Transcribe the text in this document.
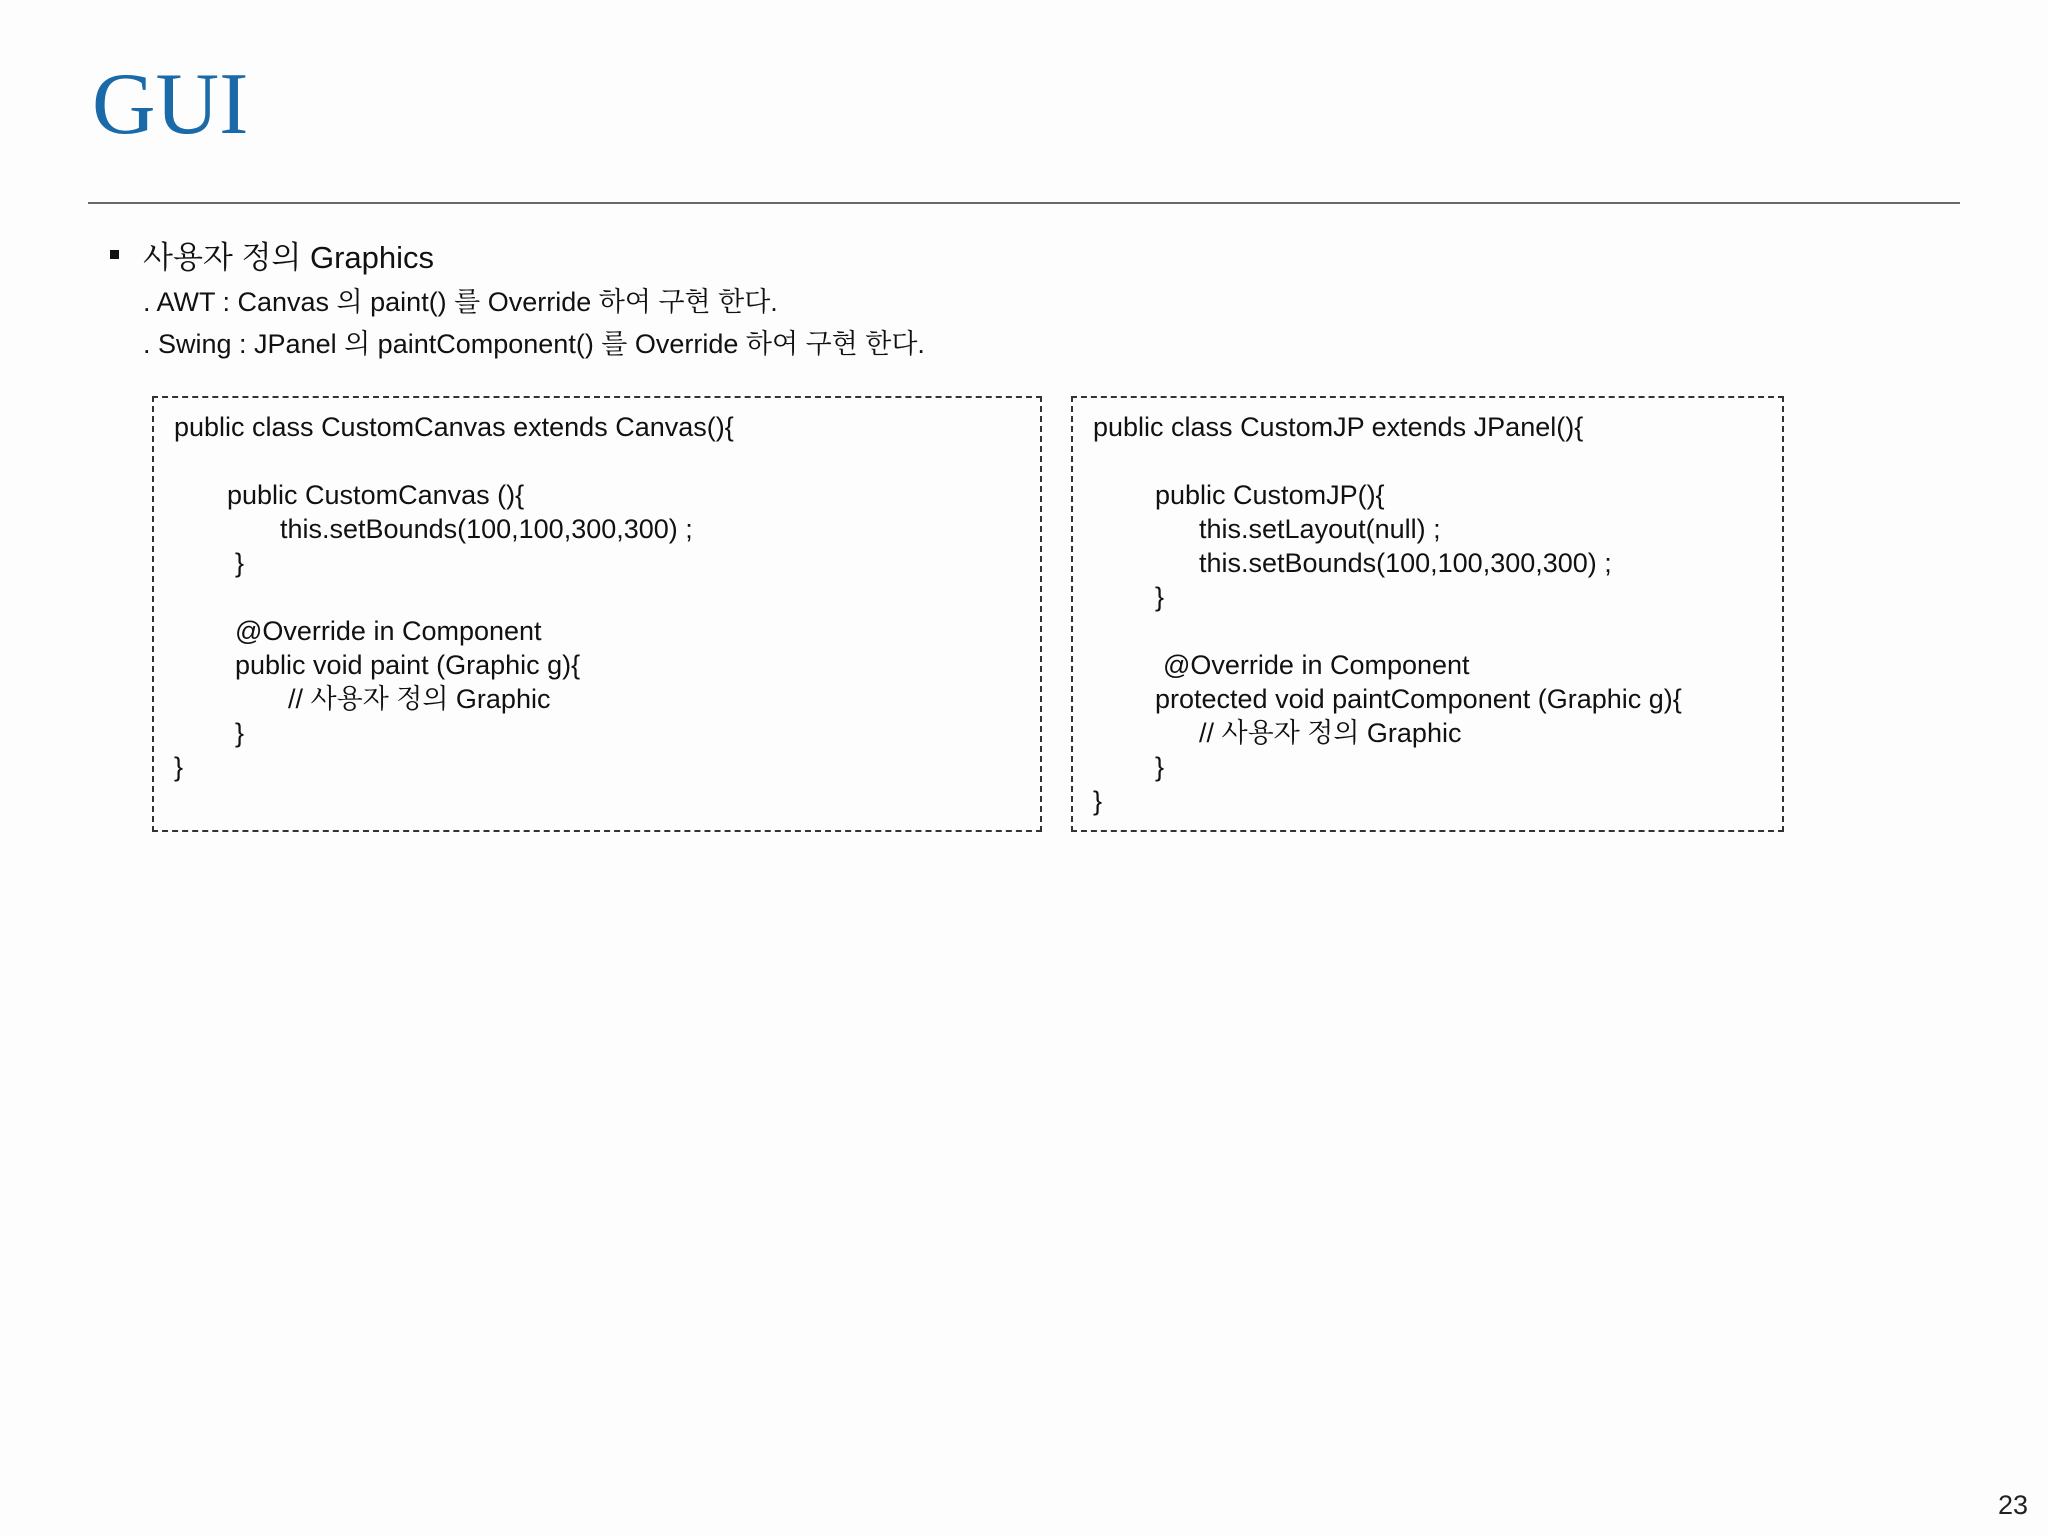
GUI
사용자 정의 Graphics
. AWT : Canvas 의 paint() 를 Override 하여 구현 한다.
. Swing : JPanel 의 paintComponent() 를 Override 하여 구현 한다.
public class CustomCanvas extends Canvas(){
public CustomCanvas (){
this.setBounds(100,100,300,300) ;
}
@Override in Component
public void paint (Graphic g){
// 사용자 정의 Graphic
}
}
public class CustomJP extends JPanel(){
public CustomJP(){
this.setLayout(null) ;
this.setBounds(100,100,300,300) ;
}
@Override in Component
protected void paintComponent (Graphic g){
// 사용자 정의 Graphic
}
}
23
